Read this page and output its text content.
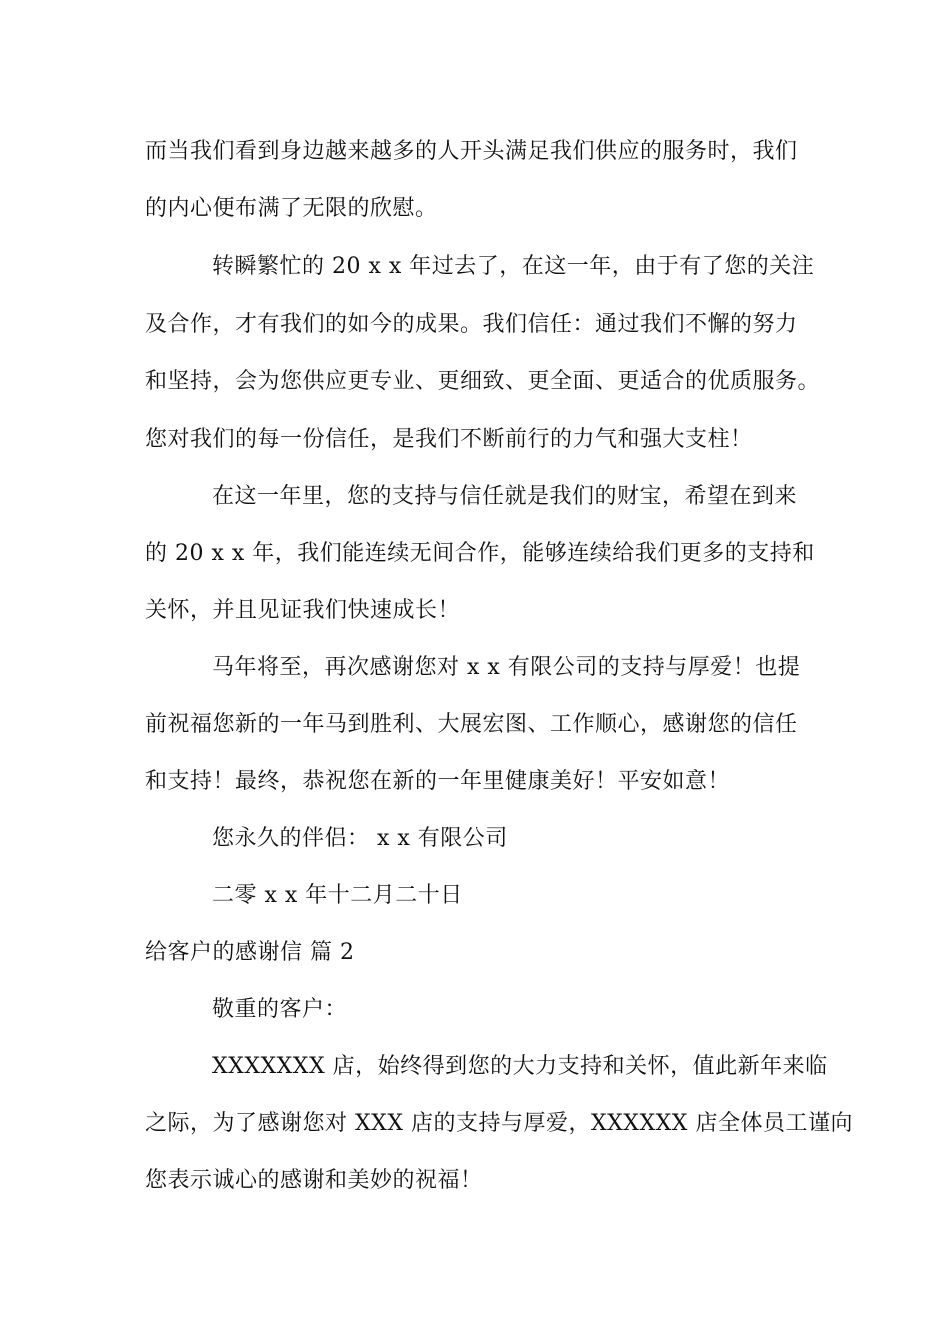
而当我们看到身边越来越多的人开头满足我们供应的服务时，我们
的内心便布满了无限的欣慰。
转瞬繁忙的 20 x x 年过去了，在这一年，由于有了您的关注
及合作，才有我们的如今的成果。我们信任：通过我们不懈的努力
和坚持，会为您供应更专业、更细致、更全面、更适合的优质服务。
您对我们的每一份信任，是我们不断前行的力气和强大支柱！
在这一年里，您的支持与信任就是我们的财宝，希望在到来
的 20 x x 年，我们能连续无间合作，能够连续给我们更多的支持和
关怀，并且见证我们快速成长！
马年将至，再次感谢您对 x x 有限公司的支持与厚爱！也提
前祝福您新的一年马到胜利、大展宏图、工作顺心，感谢您的信任
和支持！最终，恭祝您在新的一年里健康美好！平安如意！
您永久的伴侣： x x 有限公司
二零 x x 年十二月二十日
给客户的感谢信 篇 2
敬重的客户：
XXXXXXX 店，始终得到您的大力支持和关怀，值此新年来临
之际，为了感谢您对 XXX 店的支持与厚爱，XXXXXX 店全体员工谨向
您表示诚心的感谢和美妙的祝福！
